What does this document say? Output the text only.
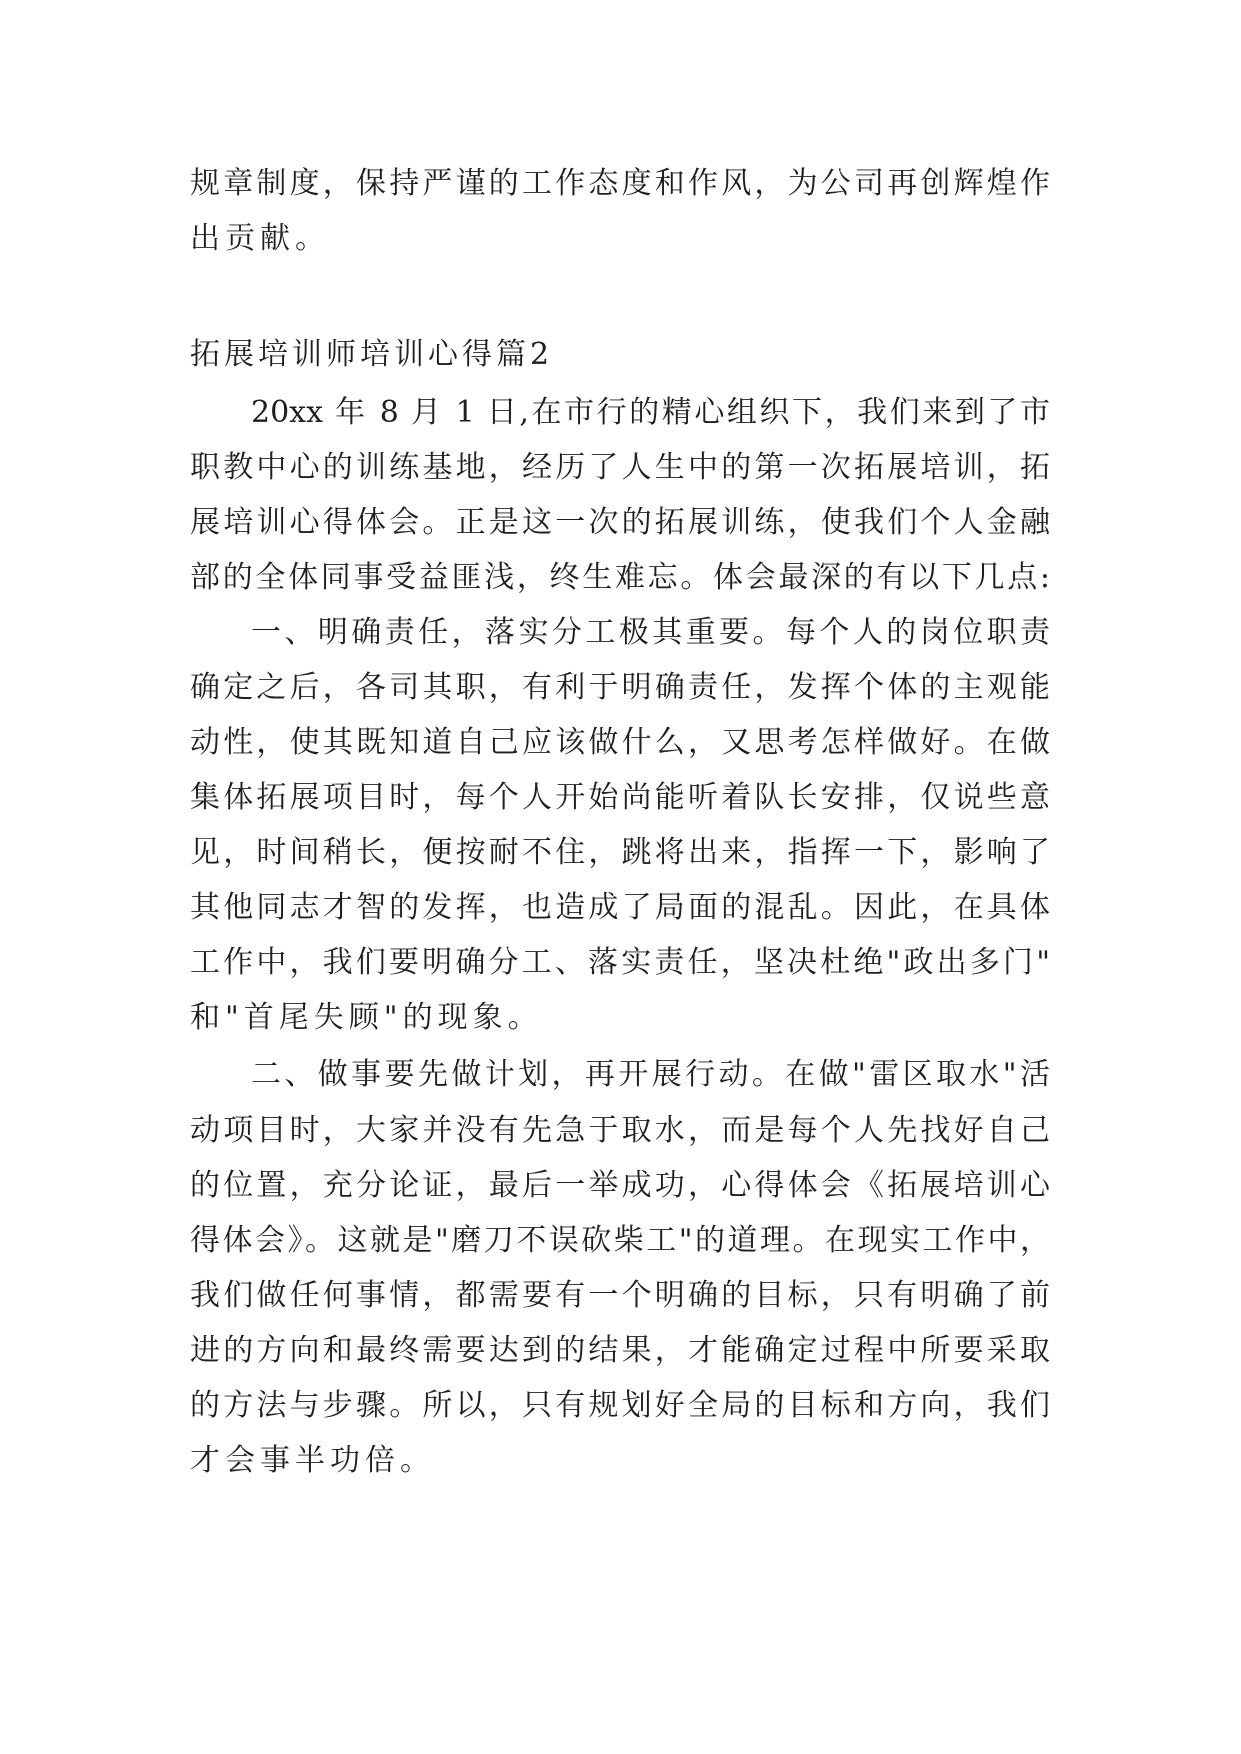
规章制度，保持严谨的工作态度和作风，为公司再创辉煌作

出贡献。

拓展培训师培训心得篇2

20xx 年 8 月 1 日,在市行的精心组织下，我们来到了市

职教中心的训练基地，经历了人生中的第一次拓展培训，拓

展培训心得体会。正是这一次的拓展训练，使我们个人金融

部的全体同事受益匪浅，终生难忘。体会最深的有以下几点:

一、明确责任，落实分工极其重要。每个人的岗位职责

确定之后，各司其职，有利于明确责任，发挥个体的主观能

动性，使其既知道自己应该做什么，又思考怎样做好。在做

集体拓展项目时，每个人开始尚能听着队长安排，仅说些意

见，时间稍长，便按耐不住，跳将出来，指挥一下，影响了

其他同志才智的发挥，也造成了局面的混乱。因此，在具体

工作中，我们要明确分工、落实责任，坚决杜绝"政出多门"

和"首尾失顾"的现象。

二、做事要先做计划，再开展行动。在做"雷区取水"活

动项目时，大家并没有先急于取水，而是每个人先找好自己

的位置，充分论证，最后一举成功，心得体会《拓展培训心

得体会》。这就是"磨刀不误砍柴工"的道理。在现实工作中，

我们做任何事情，都需要有一个明确的目标，只有明确了前

进的方向和最终需要达到的结果，才能确定过程中所要采取

的方法与步骤。所以，只有规划好全局的目标和方向，我们

才会事半功倍。
